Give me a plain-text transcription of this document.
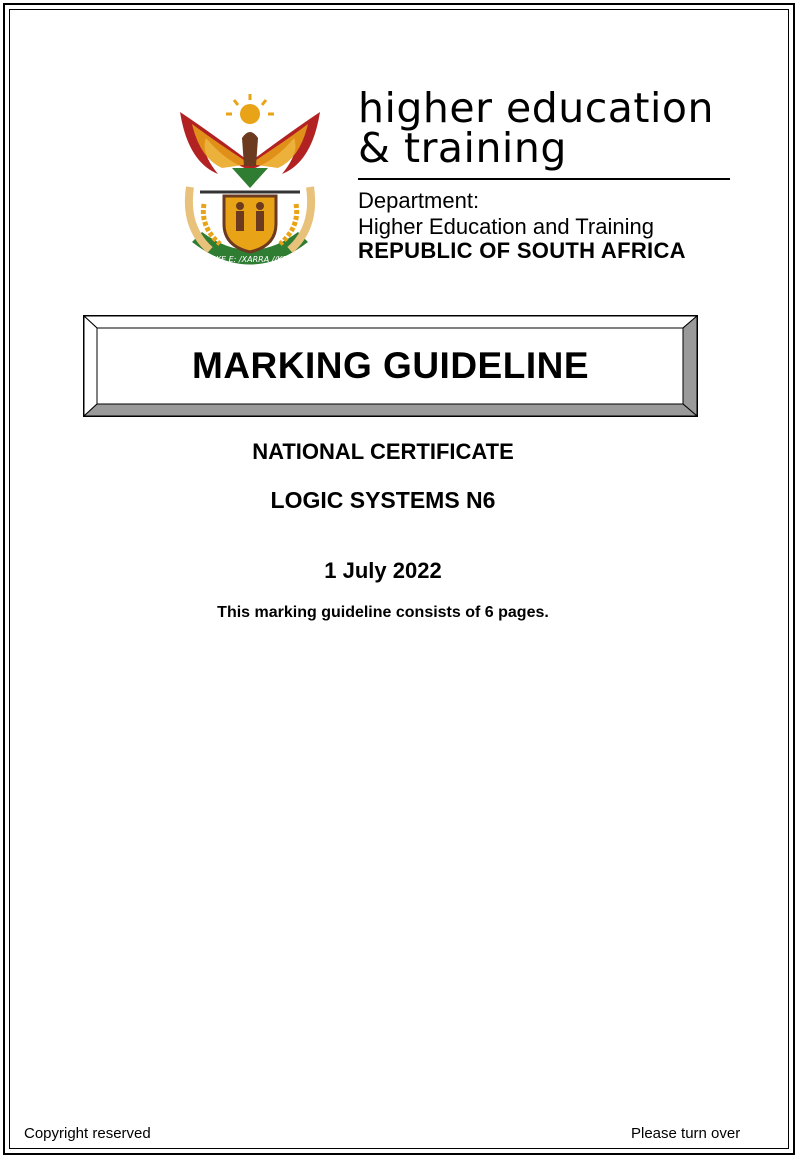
!KE E: /XARRA //KE
higher education
& training
Department:
Higher Education and Training
REPUBLIC OF SOUTH AFRICA
MARKING GUIDELINE
NATIONAL CERTIFICATE
LOGIC SYSTEMS N6
1 July 2022
This marking guideline consists of 6 pages.
Copyright reserved	Please turn over
